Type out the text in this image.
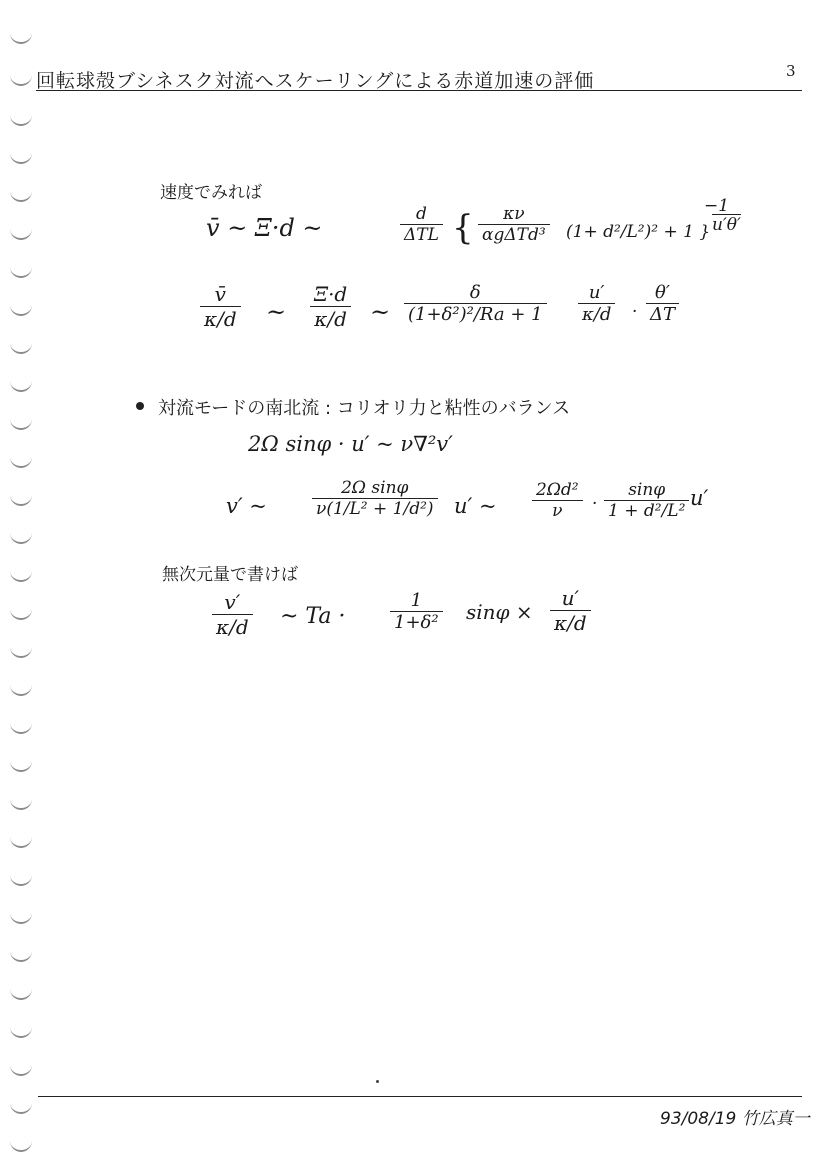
回転球殻ブシネスク対流へスケーリングによる赤道加速の評価	3
速度でみれば
v̄ ~ Ξ·d ~	d
ΔTL {	κν
αgΔTd³ (1+ d²/L²)² + 1 }
−1
u′θ′
$\frac{v̄}{\kappa/d}$ ~ $\frac{\Xi\cdot d}{\kappa/d}$ ~ $\frac{\delta}{\text{(1+δ²)²/Ra + 1}} \frac{u'}{\kappa/d} \cdot \frac{\theta'}{\Delta T}$
対流モードの南北流 : コリオリ力と粘性のバランス
2Ω sinφ · u′ ~ ν∇²v′
v′ ~	$\frac{\text{2Ω sinφ}}{\text{ν(1/L² + 1/d²)}} u'$ ~ $\frac{\text{2Ωd²}}{\nu} \cdot \frac{\sin\varphi}{\text{1 + d²/L²}} u'$
無次元量で書けば
$\frac{v'}{\kappa/d}$ ~ $Ta \cdot \frac{1}{\text{1+δ²}}$ $\sin\varphi \times \frac{u'}{\kappa/d}$
93/08/19 竹広真一
